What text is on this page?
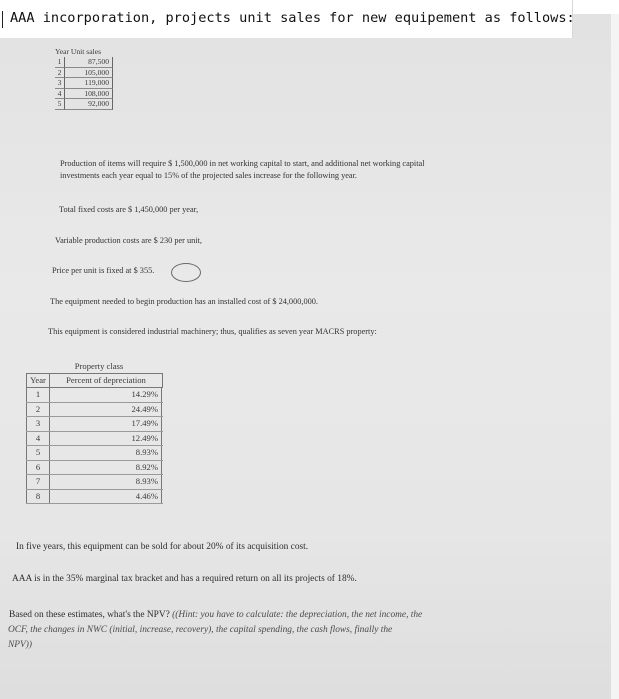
AAA incorporation, projects unit sales for new equipement as follows:
Year Unit sales
1	87,500
2	105,000
3	119,000
4	108,000
5	92,000
Production of items will require $ 1,500,000 in net working capital to start, and additional net working capital
investments each year equal to 15% of the projected sales increase for the following year.
Total fixed costs are $ 1,450,000 per year,
Variable production costs are $ 230 per unit,
Price per unit is fixed at $ 355.
The equipment needed to begin production has an installed cost of $ 24,000,000.
This equipment is considered industrial machinery; thus, qualifies as seven year MACRS property:
Property class
Year	Percent of depreciation
1	14.29%
2	24.49%
3	17.49%
4	12.49%
5	8.93%
6	8.92%
7	8.93%
8	4.46%
In five years, this equipment can be sold for about 20% of its acquisition cost.
AAA is in the 35% marginal tax bracket and has a required return on all its projects of 18%.
Based on these estimates, what's the NPV? ((Hint: you have to calculate: the depreciation, the net income, the
OCF, the changes in NWC (initial, increase, recovery), the capital spending, the cash flows, finally the
NPV))
